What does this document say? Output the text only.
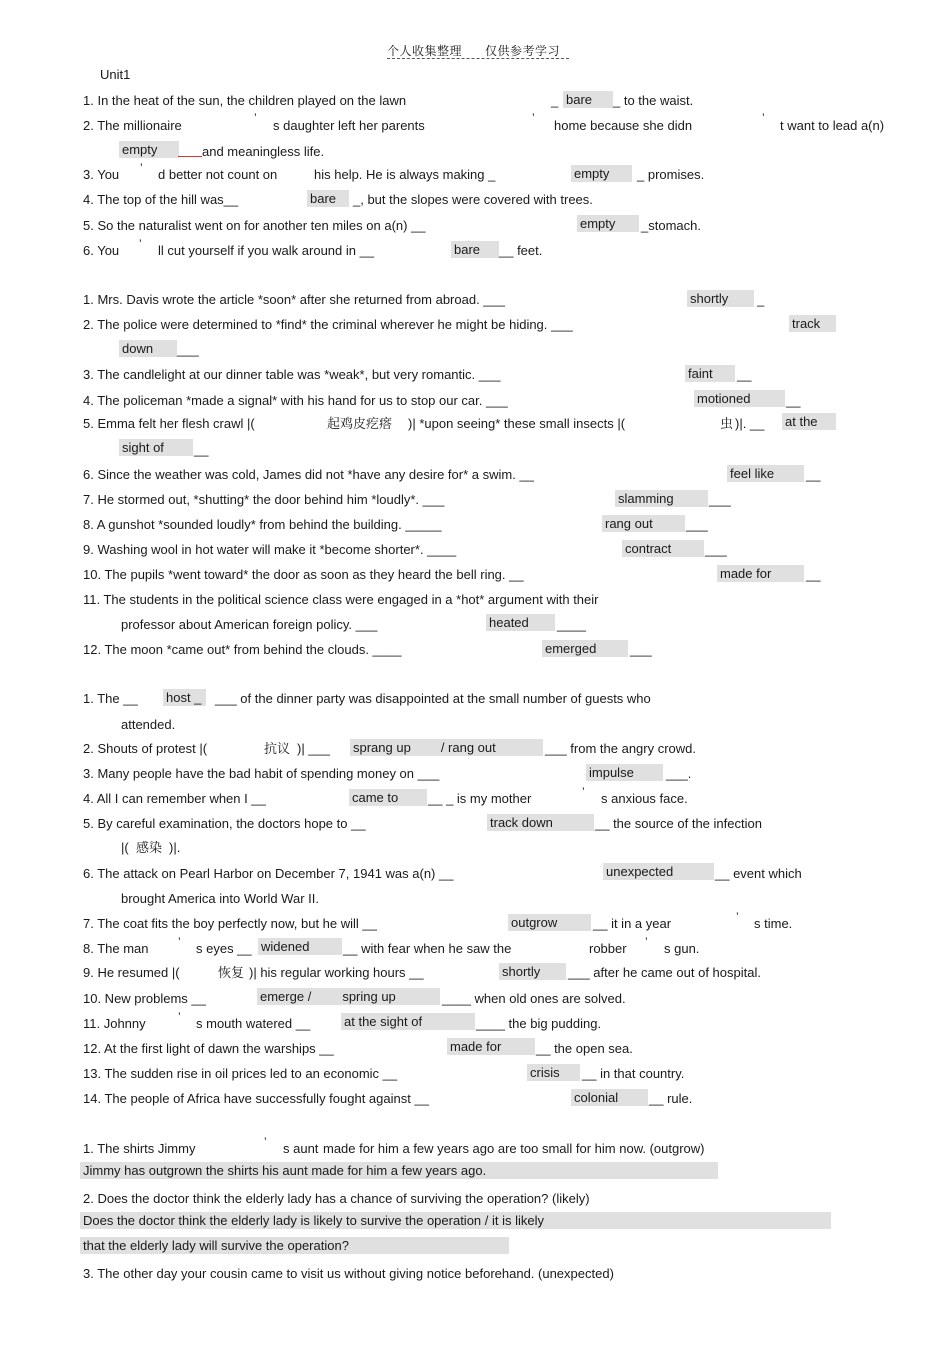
个人收集整理 仅供参考学习
Unit1
1. In the heat of the sun, the children played on the lawn	_ bare	_ to the waist.
2. The millionaire	’ s daughter left her parents	’ home because she didn	’ t want to lead a(n)
empty	and meaningless life.
3. You ’ d better not count on	his help. He is always making _	empty	_ promises.
4. The top of the hill was__	bare	_, but the slopes were covered with trees.
5. So the naturalist went on for another ten miles on a(n) __	empty	_stomach.
6. You ’ ll cut yourself if you walk around in __	bare	__ feet.
1. Mrs. Davis wrote the article *soon* after she returned from abroad. ___	shortly	_
2. The police were determined to *find* the criminal wherever he might be hiding. ___	track
down	___
3. The candlelight at our dinner table was *weak*, but very romantic. ___	faint	__
4. The policeman *made a signal* with his hand for us to stop our car. ___	motioned	__
5. Emma felt her flesh crawl |(	起鸡皮疙瘩 )| *upon seeing* these small insects |(	虫 )|. __ at the
sight of	__
6. Since the weather was cold, James did not *have any desire for* a swim. __	feel like	__
7. He stormed out, *shutting* the door behind him *loudly*. ___	slamming	___
8. A gunshot *sounded loudly* from behind the building. _____	rang out	___
9. Washing wool in hot water will make it *become shorter*. ____	contract	___
10. The pupils *went toward* the door as soon as they heard the bell ring. __	made for	__
11. The students in the political science class were engaged in a *hot* argument with their
professor about American foreign policy. ___	heated	____
12. The moon *came out* from behind the clouds. ____	emerged	___
1. The __ host _	___ of the dinner party was disappointed at the small number of guests who
attended.
2. Shouts of protest |(	抗议 )| ___ sprang up / rang out	___ from the angry crowd.
3. Many people have the bad habit of spending money on ___	impulse	___.
4. All I can remember when I __	came to	__ _ is my mother	’ s anxious face.
5. By careful examination, the doctors hope to __	track down	__ the source of the infection
|( 感染 )|.
6. The attack on Pearl Harbor on December 7, 1941 was a(n) __	unexpected	__ event which
brought America into World War II.
7. The coat fits the boy perfectly now, but he will __	outgrow	__ it in a year	’ s time.
8. The man ’ s eyes __ widened	__ with fear when he saw the	robber ’ s gun.
9. He resumed |(	恢复 )| his regular working hours __	shortly	___ after he came out of hospital.
10. New problems __	emerge / spring up	____ when old ones are solved.
11. Johnny	’ s mouth watered __	at the sight of	____ the big pudding.
12. At the first light of dawn the warships __	made for	__ the open sea.
13. The sudden rise in oil prices led to an economic __	crisis	__ in that country.
14. The people of Africa have successfully fought against __	colonial	__ rule.
1. The shirts Jimmy	’ s aunt made for him a few years ago are too small for him now. (outgrow)
Jimmy has outgrown the shirts his aunt made for him a few years ago.
2. Does the doctor think the elderly lady has a chance of surviving the operation? (likely)
Does the doctor think the elderly lady is likely to survive the operation / it is likely
that the elderly lady will survive the operation?
3. The other day your cousin came to visit us without giving notice beforehand. (unexpected)
